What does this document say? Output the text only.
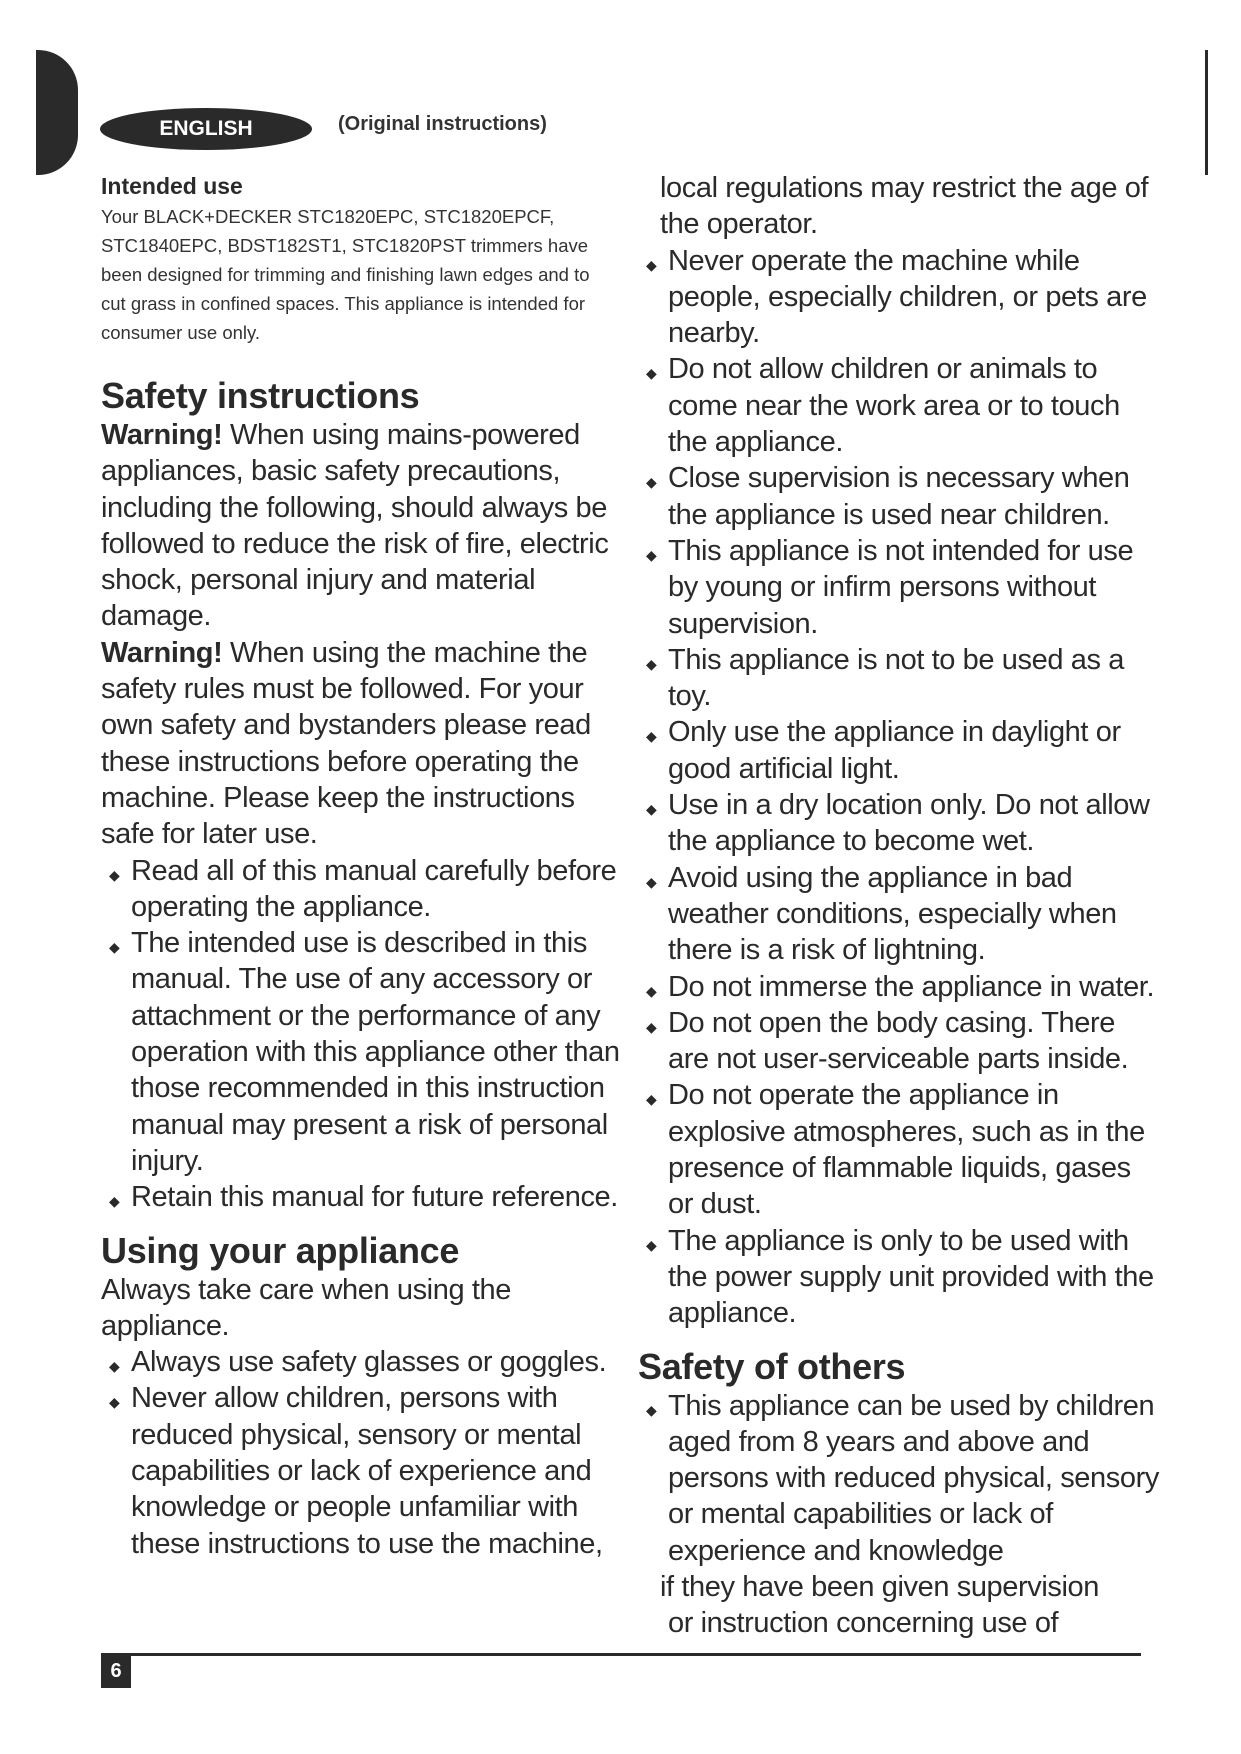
ENGLISH	(Original instructions)
Intended use

Your BLACK+DECKER STC1820EPC, STC1820EPCF,

STC1840EPC, BDST182ST1, STC1820PST trimmers have

been designed for trimming and finishing lawn edges and to

cut grass in confined spaces. This appliance is intended for

consumer use only.

Safety instructions

Warning! When using mains-powered appliances, basic safety precautions, including the following, should always be followed to reduce the risk of fire, electric shock, personal injury and material damage.

Warning! When using the machine the safety rules must be followed. For your own safety and bystanders please read these instructions before operating the machine. Please keep the instructions safe for later use.

◆ Read all of this manual carefully before operating the appliance.
◆ The intended use is described in this manual. The use of any accessory or attachment or the performance of any operation with this appliance other than those recommended in this instruction manual may present a risk of personal injury.
◆ Retain this manual for future reference.
Using your appliance

Always take care when using the appliance.

◆ Always use safety glasses or goggles.
◆ Never allow children, persons with reduced physical, sensory or mental capabilities or lack of experience and knowledge or people unfamiliar with these instructions to use the machine,

local regulations may restrict the age of the operator.

◆ Never operate the machine while people, especially children, or pets are nearby.
◆ Do not allow children or animals to come near the work area or to touch the appliance.
◆ Close supervision is necessary when the appliance is used near children.
◆ This appliance is not intended for use by young or infirm persons without supervision.
◆ This appliance is not to be used as a toy.
◆ Only use the appliance in daylight or good artificial light.
◆ Use in a dry location only. Do not allow the appliance to become wet.
◆ Avoid using the appliance in bad weather conditions, especially when there is a risk of lightning.
◆ Do not immerse the appliance in water.
◆ Do not open the body casing. There are not user-serviceable parts inside.
◆ Do not operate the appliance in explosive atmospheres, such as in the presence of flammable liquids, gases or dust.
◆ The appliance is only to be used with the power supply unit provided with the appliance.
Safety of others
◆ This appliance can be used by children aged from 8 years and above and persons with reduced physical, sensory or mental capabilities or lack of experience and knowledge

if they have been given supervision

or instruction concerning use of

6
